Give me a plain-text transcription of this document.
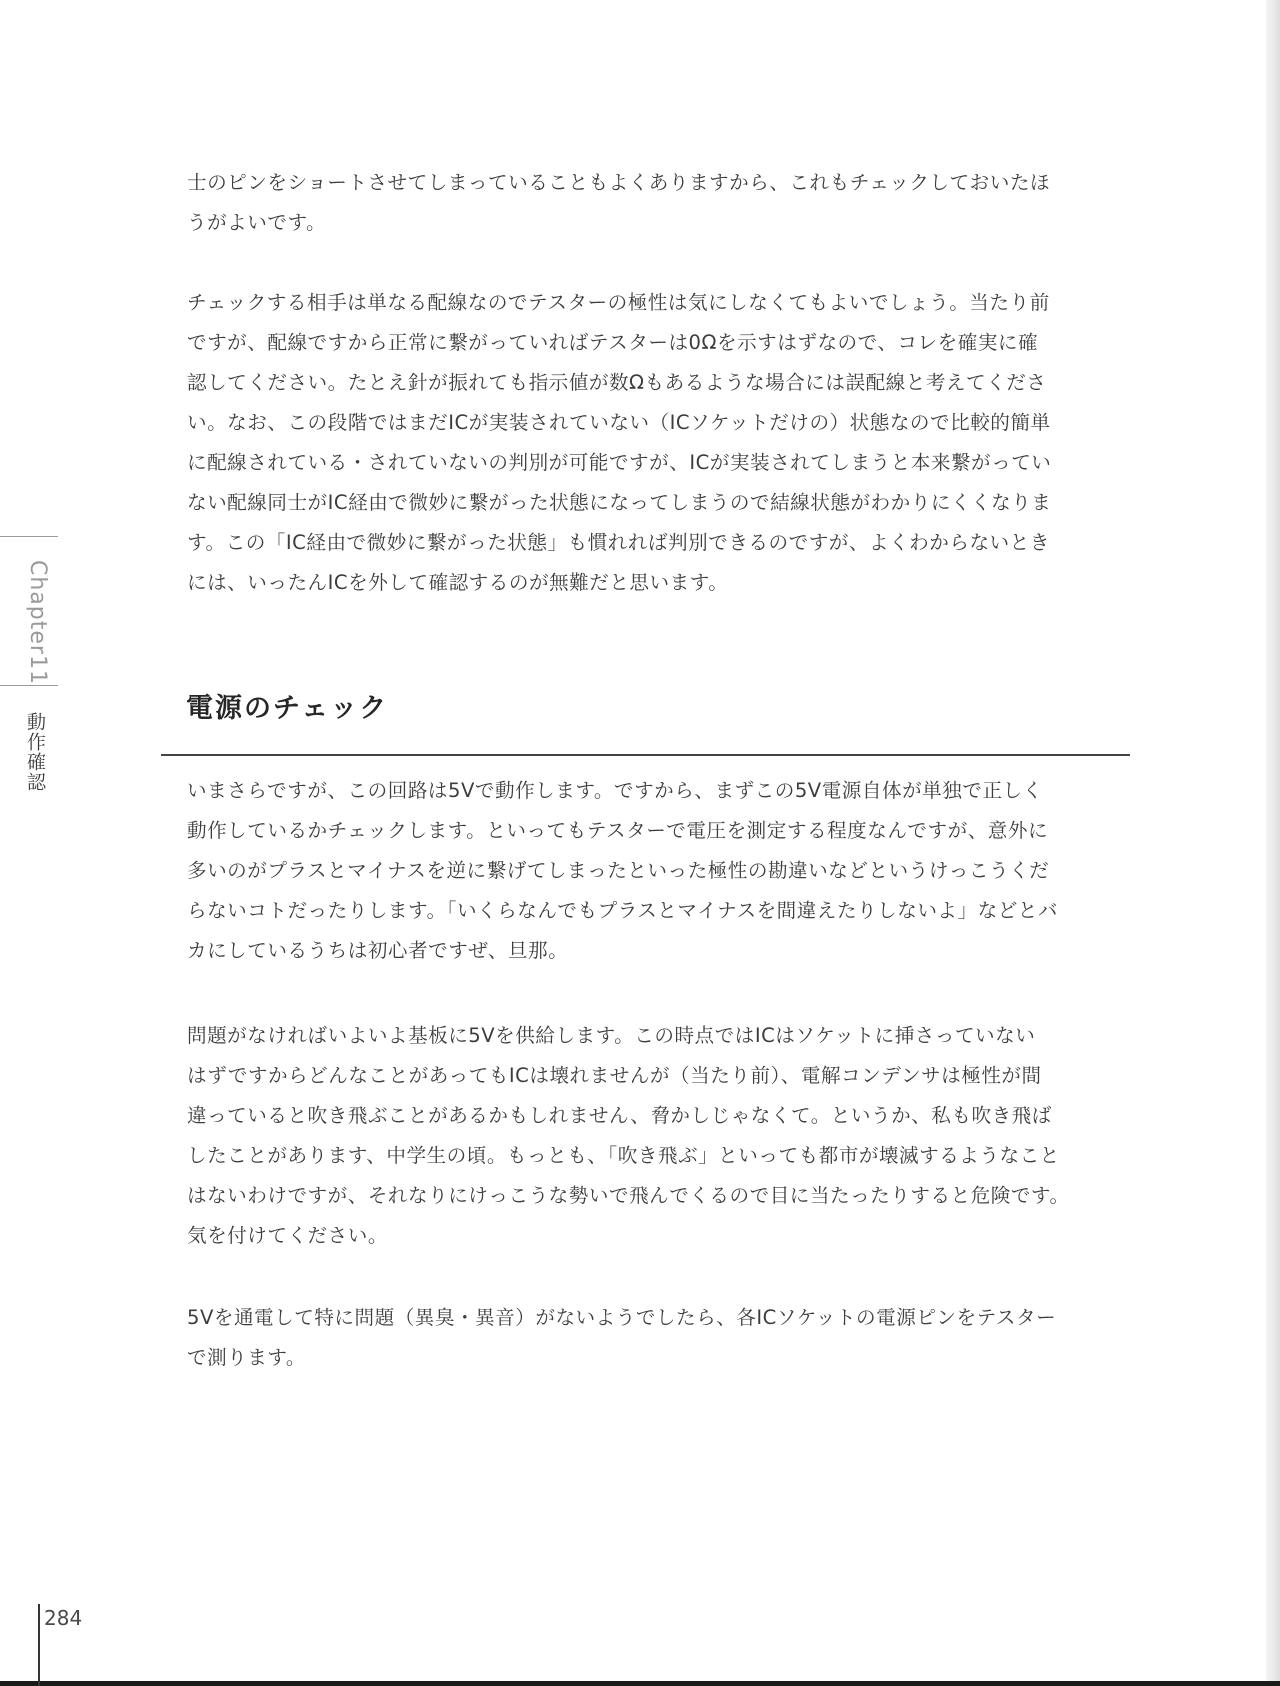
Chapter11
動作確認

士のピンをショートさせてしまっていることもよくありますから、これもチェックしておいたほ
うがよいです。

チェックする相手は単なる配線なのでテスターの極性は気にしなくてもよいでしょう。当たり前
ですが、配線ですから正常に繋がっていればテスターは0Ωを示すはずなので、コレを確実に確
認してください。たとえ針が振れても指示値が数Ωもあるような場合には誤配線と考えてくださ
い。なお、この段階ではまだICが実装されていない（ICソケットだけの）状態なので比較的簡単
に配線されている・されていないの判別が可能ですが、ICが実装されてしまうと本来繋がってい
ない配線同士がIC経由で微妙に繋がった状態になってしまうので結線状態がわかりにくくなりま
す。この「IC経由で微妙に繋がった状態」も慣れれば判別できるのですが、よくわからないとき
には、いったんICを外して確認するのが無難だと思います。

電源のチェック

いまさらですが、この回路は5Vで動作します。ですから、まずこの5V電源自体が単独で正しく
動作しているかチェックします。といってもテスターで電圧を測定する程度なんですが、意外に
多いのがプラスとマイナスを逆に繋げてしまったといった極性の勘違いなどというけっこうくだ
らないコトだったりします。「いくらなんでもプラスとマイナスを間違えたりしないよ」などとバ
カにしているうちは初心者ですぜ、旦那。

問題がなければいよいよ基板に5Vを供給します。この時点ではICはソケットに挿さっていない
はずですからどんなことがあってもICは壊れませんが（当たり前）、電解コンデンサは極性が間
違っていると吹き飛ぶことがあるかもしれません、脅かしじゃなくて。というか、私も吹き飛ば
したことがあります、中学生の頃。もっとも、「吹き飛ぶ」といっても都市が壊滅するようなこと
はないわけですが、それなりにけっこうな勢いで飛んでくるので目に当たったりすると危険です。
気を付けてください。

5Vを通電して特に問題（異臭・異音）がないようでしたら、各ICソケットの電源ピンをテスター
で測ります。

284
